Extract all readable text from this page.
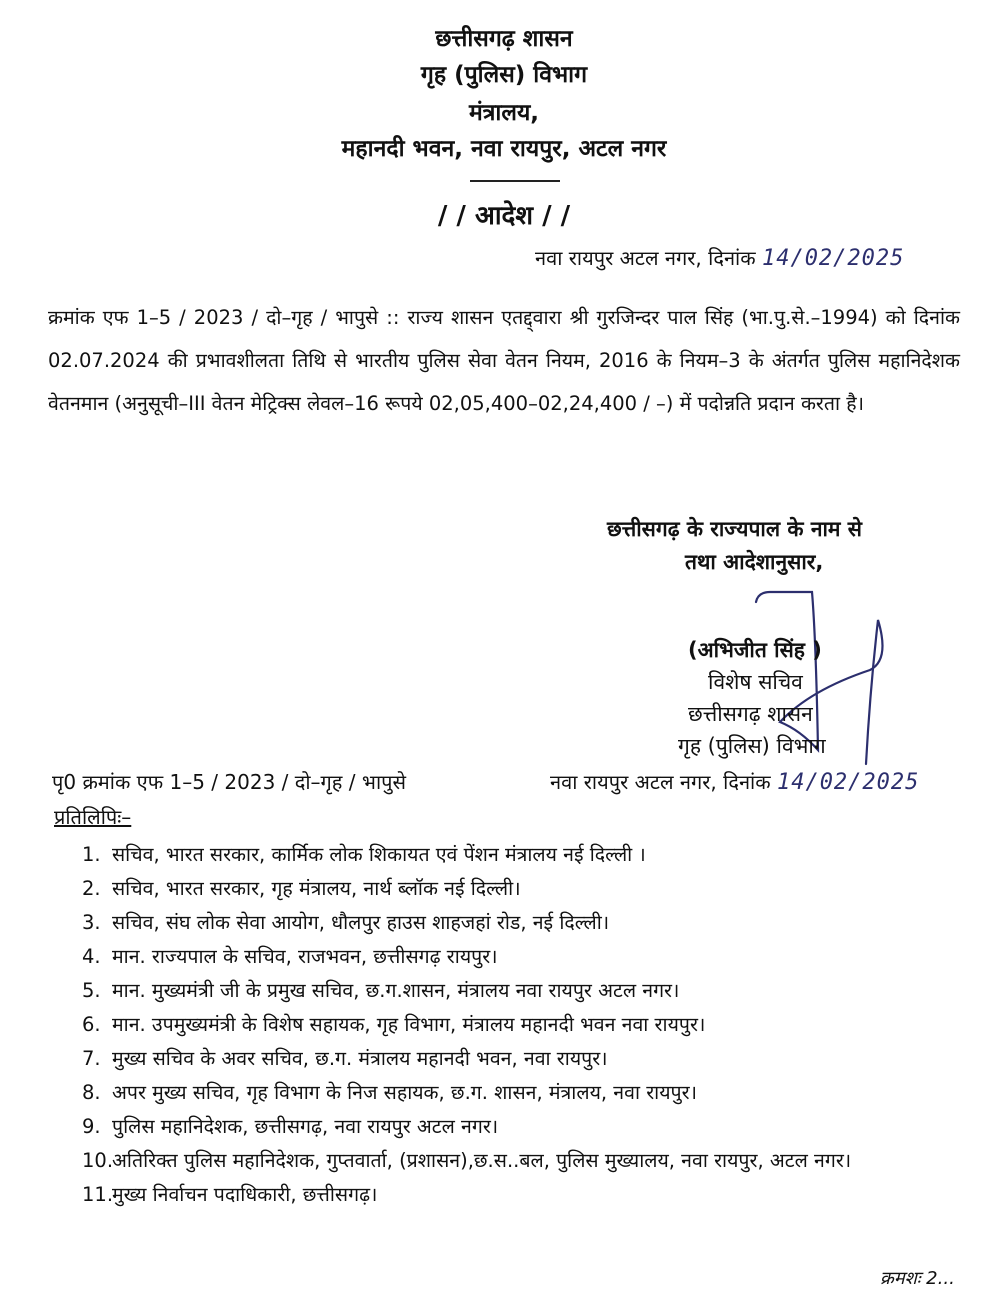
छत्तीसगढ़ शासन
गृह (पुलिस) विभाग
मंत्रालय,
महानदी भवन, नवा रायपुर, अटल नगर
/ / आदेश / /
नवा रायपुर अटल नगर, दिनांक 14/02/2025
क्रमांक एफ 1–5 / 2023 / दो–गृह / भापुसे :: राज्य शासन एतद्द्वारा श्री गुरजिन्दर पाल सिंह (भा.पु.से.–1994) को दिनांक 02.07.2024 की प्रभावशीलता तिथि से भारतीय पुलिस सेवा वेतन नियम, 2016 के नियम–3 के अंतर्गत पुलिस महानिदेशक वेतनमान (अनुसूची–III वेतन मेट्रिक्स लेवल–16 रूपये 02,05,400–02,24,400 / –) में पदोन्नति प्रदान करता है।
छत्तीसगढ़ के राज्यपाल के नाम से
तथा आदेशानुसार,
(अभिजीत सिंह )
विशेष सचिव
छत्तीसगढ़ शासन
गृह (पुलिस) विभाग
पृ0 क्रमांक एफ 1–5 / 2023 / दो–गृह / भापुसे	नवा रायपुर अटल नगर, दिनांक 14/02/2025
प्रतिलिपिः–
1. सचिव, भारत सरकार, कार्मिक लोक शिकायत एवं पेंशन मंत्रालय नई दिल्ली ।
2. सचिव, भारत सरकार, गृह मंत्रालय, नार्थ ब्लॉक नई दिल्ली।
3. सचिव, संघ लोक सेवा आयोग, धौलपुर हाउस शाहजहां रोड, नई दिल्ली।
4. मान. राज्यपाल के सचिव, राजभवन, छत्तीसगढ़ रायपुर।
5. मान. मुख्यमंत्री जी के प्रमुख सचिव, छ.ग.शासन, मंत्रालय नवा रायपुर अटल नगर।
6. मान. उपमुख्यमंत्री के विशेष सहायक, गृह विभाग, मंत्रालय महानदी भवन नवा रायपुर।
7. मुख्य सचिव के अवर सचिव, छ.ग. मंत्रालय महानदी भवन, नवा रायपुर।
8. अपर मुख्य सचिव, गृह विभाग के निज सहायक, छ.ग. शासन, मंत्रालय, नवा रायपुर।
9. पुलिस महानिदेशक, छत्तीसगढ़, नवा रायपुर अटल नगर।
10.
अतिरिक्त पुलिस महानिदेशक, गुप्तवार्ता, (प्रशासन),छ.स..बल, पुलिस मुख्यालय, नवा रायपुर, अटल नगर।
11.
मुख्य निर्वाचन पदाधिकारी, छत्तीसगढ़।
क्रमशः 2...
